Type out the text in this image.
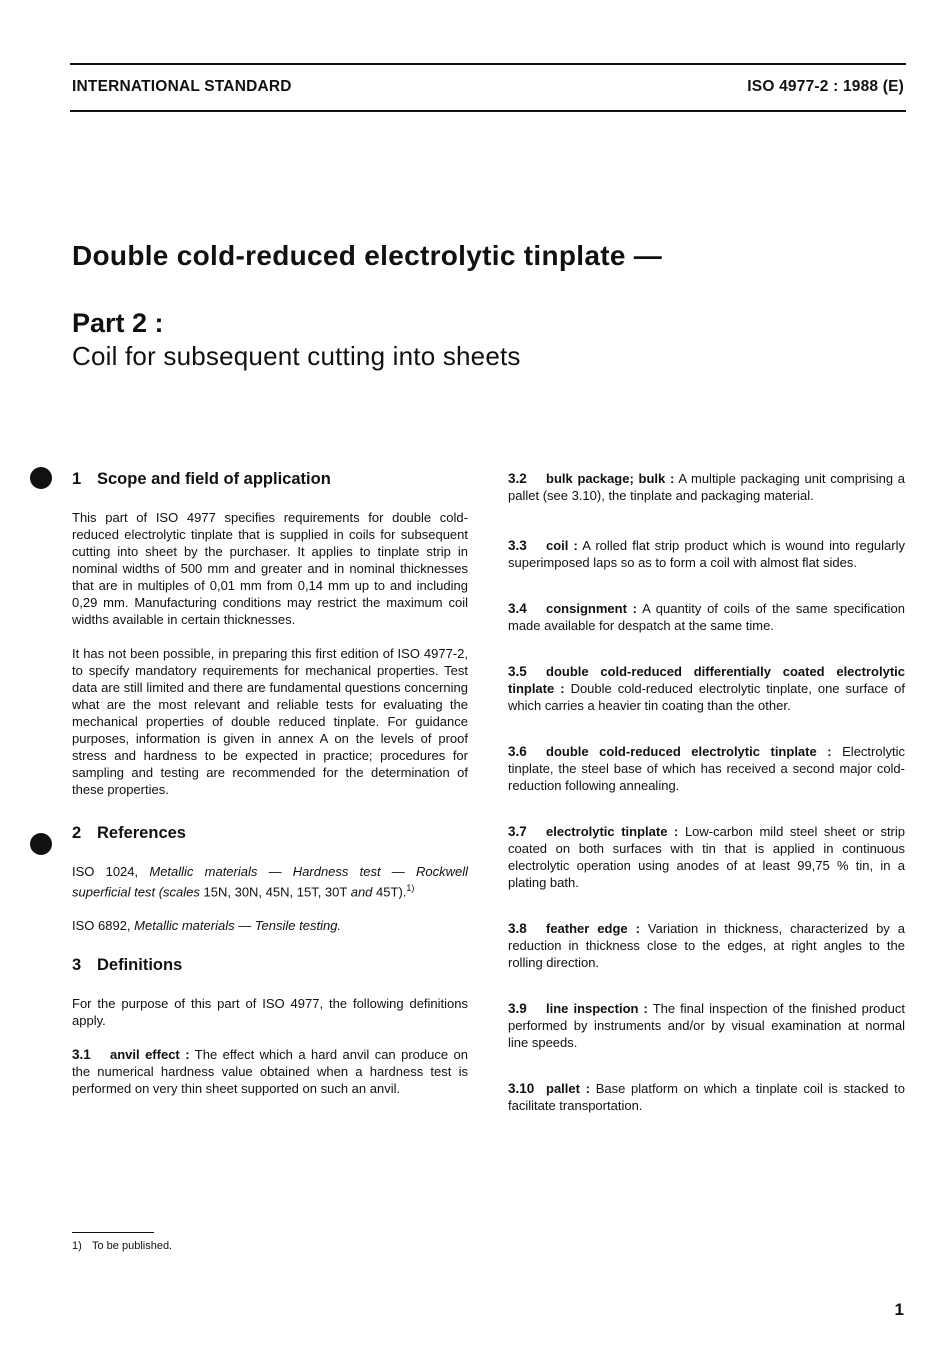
INTERNATIONAL STANDARD	ISO 4977-2 : 1988 (E)
Double cold-reduced electrolytic tinplate —
Part 2 :
Coil for subsequent cutting into sheets
1 Scope and field of application
This part of ISO 4977 specifies requirements for double cold-reduced electrolytic tinplate that is supplied in coils for subsequent cutting into sheet by the purchaser. It applies to tinplate strip in nominal widths of 500 mm and greater and in nominal thicknesses that are in multiples of 0,01 mm from 0,14 mm up to and including 0,29 mm. Manufacturing conditions may restrict the maximum coil widths available in certain thicknesses.
It has not been possible, in preparing this first edition of ISO 4977-2, to specify mandatory requirements for mechanical properties. Test data are still limited and there are fundamental questions concerning what are the most relevant and reliable tests for evaluating the mechanical properties of double reduced tinplate. For guidance purposes, information is given in annex A on the levels of proof stress and hardness to be expected in practice; procedures for sampling and testing are recommended for the determination of these properties.
2 References
ISO 1024, Metallic materials — Hardness test — Rockwell superficial test (scales 15N, 30N, 45N, 15T, 30T and 45T).$^{1)}$
ISO 6892, Metallic materials — Tensile testing.
3 Definitions
For the purpose of this part of ISO 4977, the following definitions apply.
3.1 anvil effect : The effect which a hard anvil can produce on the numerical hardness value obtained when a hardness test is performed on very thin sheet supported on such an anvil.
3.2 bulk package; bulk : A multiple packaging unit comprising a pallet (see 3.10), the tinplate and packaging material.
3.3 coil : A rolled flat strip product which is wound into regularly superimposed laps so as to form a coil with almost flat sides.
3.4 consignment : A quantity of coils of the same specification made available for despatch at the same time.
3.5 double cold-reduced differentially coated electrolytic tinplate : Double cold-reduced electrolytic tinplate, one surface of which carries a heavier tin coating than the other.
3.6 double cold-reduced electrolytic tinplate : Electrolytic tinplate, the steel base of which has received a second major cold-reduction following annealing.
3.7 electrolytic tinplate : Low-carbon mild steel sheet or strip coated on both surfaces with tin that is applied in continuous electrolytic operation using anodes of at least 99,75 % tin, in a plating bath.
3.8 feather edge : Variation in thickness, characterized by a reduction in thickness close to the edges, at right angles to the rolling direction.
3.9 line inspection : The final inspection of the finished product performed by instruments and/or by visual examination at normal line speeds.
3.10 pallet : Base platform on which a tinplate coil is stacked to facilitate transportation.
1) To be published.
1
